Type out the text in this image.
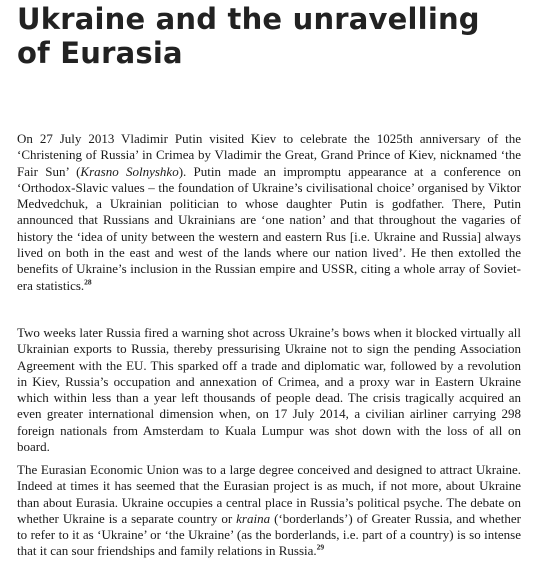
Ukraine and the unravelling
of Eurasia

On 27 July 2013 Vladimir Putin visited Kiev to celebrate the 1025th anniversary of the ‘Christening of Russia’ in Crimea by Vladimir the Great, Grand Prince of Kiev, nicknamed ‘the Fair Sun’ (Krasno Solnyshko). Putin made an impromptu appearance at a conference on ‘Orthodox-Slavic values – the foundation of Ukraine’s civilisational choice’ organised by Viktor Medvedchuk, a Ukrainian politician to whose daughter Putin is godfather. There, Putin announced that Russians and Ukrainians are ‘one nation’ and that throughout the vagaries of history the ‘idea of unity between the western and eastern Rus [i.e. Ukraine and Russia] always lived on both in the east and west of the lands where our nation lived’. He then extolled the benefits of Ukraine’s inclusion in the Russian empire and USSR, citing a whole array of Soviet-era statistics.$^{28}$

Two weeks later Russia fired a warning shot across Ukraine’s bows when it blocked virtually all Ukrainian exports to Russia, thereby pressurising Ukraine not to sign the pending Association Agreement with the EU. This sparked off a trade and diplomatic war, followed by a revolution in Kiev, Russia’s occupation and annexation of Crimea, and a proxy war in Eastern Ukraine which within less than a year left thousands of people dead. The crisis tragically acquired an even greater international dimension when, on 17 July 2014, a civilian airliner carrying 298 foreign nationals from Amsterdam to Kuala Lumpur was shot down with the loss of all on board.

The Eurasian Economic Union was to a large degree conceived and designed to attract Ukraine. Indeed at times it has seemed that the Eurasian project is as much, if not more, about Ukraine than about Eurasia. Ukraine occupies a central place in Russia’s political psyche. The debate on whether Ukraine is a separate country or kraina (‘borderlands’) of Greater Russia, and whether to refer to it as ‘Ukraine’ or ‘the Ukraine’ (as the borderlands, i.e. part of a country) is so intense that it can sour friendships and family relations in Russia.$^{29}$
